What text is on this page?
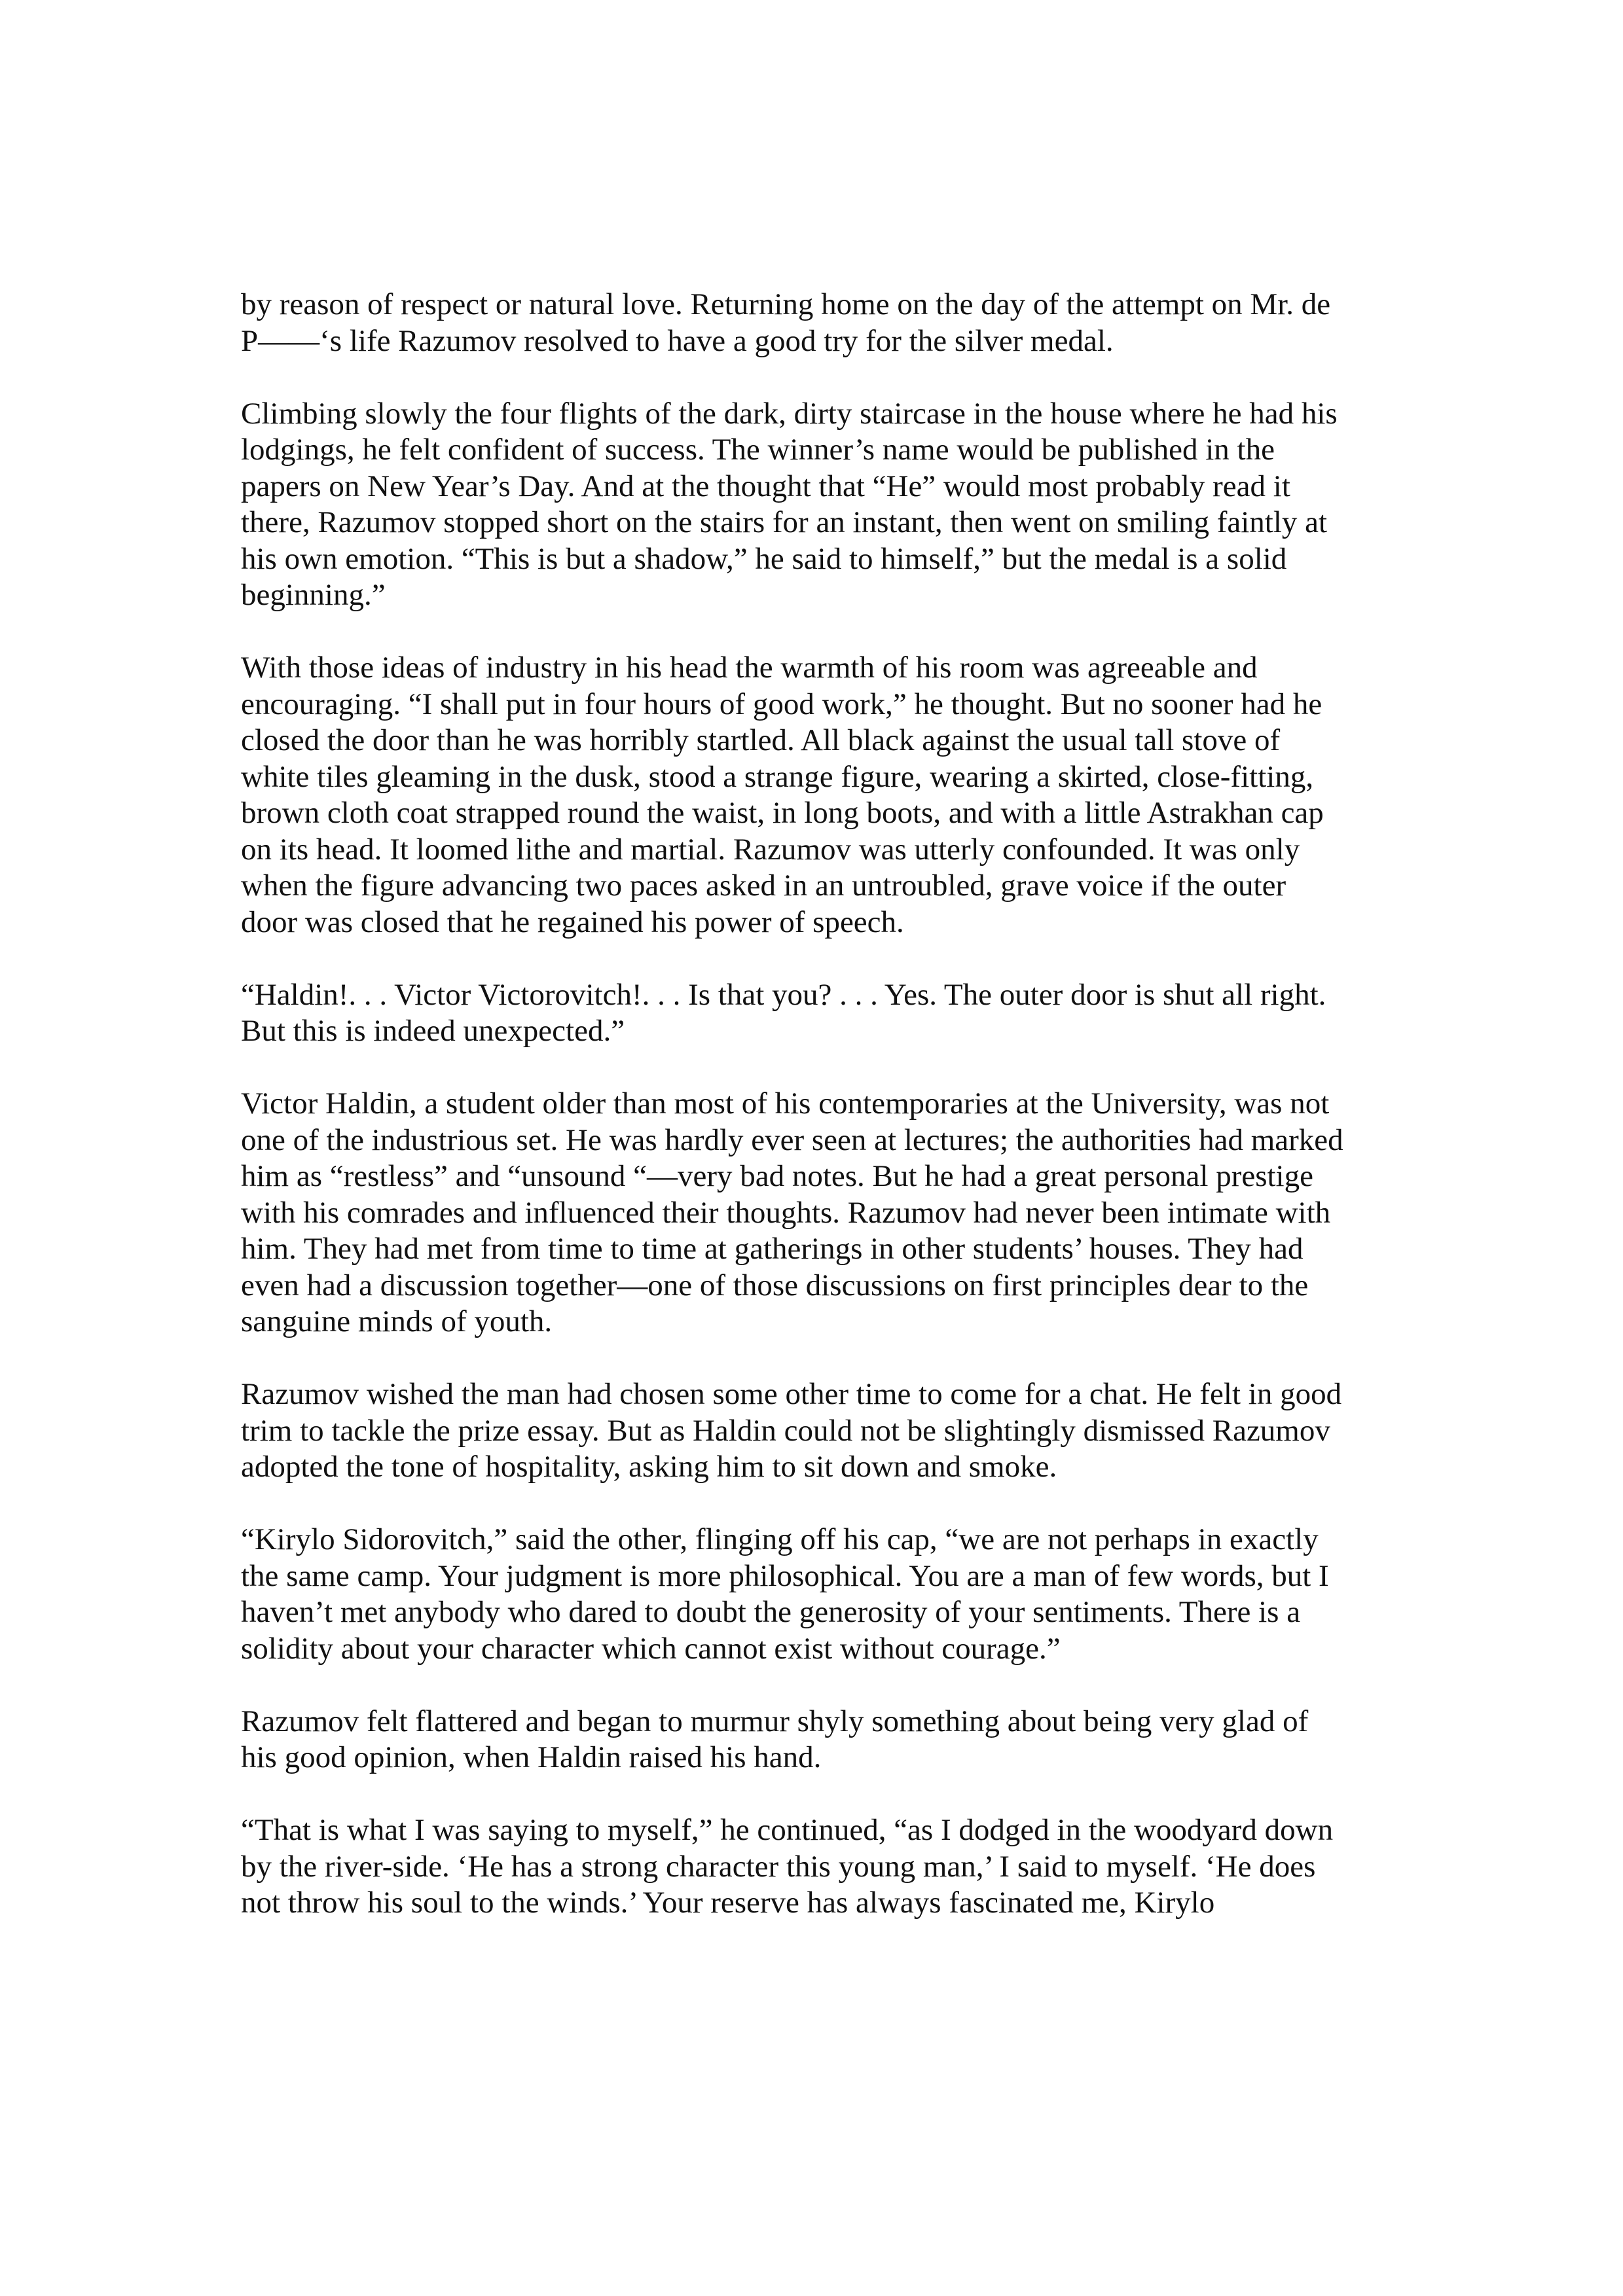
by reason of respect or natural love. Returning home on the day of the attempt on Mr. de
P——‘s life Razumov resolved to have a good try for the silver medal.

Climbing slowly the four flights of the dark, dirty staircase in the house where he had his
lodgings, he felt confident of success. The winner’s name would be published in the
papers on New Year’s Day. And at the thought that “He” would most probably read it
there, Razumov stopped short on the stairs for an instant, then went on smiling faintly at
his own emotion. “This is but a shadow,” he said to himself,” but the medal is a solid
beginning.”

With those ideas of industry in his head the warmth of his room was agreeable and
encouraging. “I shall put in four hours of good work,” he thought. But no sooner had he
closed the door than he was horribly startled. All black against the usual tall stove of
white tiles gleaming in the dusk, stood a strange figure, wearing a skirted, close-fitting,
brown cloth coat strapped round the waist, in long boots, and with a little Astrakhan cap
on its head. It loomed lithe and martial. Razumov was utterly confounded. It was only
when the figure advancing two paces asked in an untroubled, grave voice if the outer
door was closed that he regained his power of speech.

“Haldin!. . . Victor Victorovitch!. . . Is that you? . . . Yes. The outer door is shut all right.
But this is indeed unexpected.”

Victor Haldin, a student older than most of his contemporaries at the University, was not
one of the industrious set. He was hardly ever seen at lectures; the authorities had marked
him as “restless” and “unsound “—very bad notes. But he had a great personal prestige
with his comrades and influenced their thoughts. Razumov had never been intimate with
him. They had met from time to time at gatherings in other students’ houses. They had
even had a discussion together—one of those discussions on first principles dear to the
sanguine minds of youth.

Razumov wished the man had chosen some other time to come for a chat. He felt in good
trim to tackle the prize essay. But as Haldin could not be slightingly dismissed Razumov
adopted the tone of hospitality, asking him to sit down and smoke.

“Kirylo Sidorovitch,” said the other, flinging off his cap, “we are not perhaps in exactly
the same camp. Your judgment is more philosophical. You are a man of few words, but I
haven’t met anybody who dared to doubt the generosity of your sentiments. There is a
solidity about your character which cannot exist without courage.”

Razumov felt flattered and began to murmur shyly something about being very glad of
his good opinion, when Haldin raised his hand.

“That is what I was saying to myself,” he continued, “as I dodged in the woodyard down
by the river-side. ‘He has a strong character this young man,’ I said to myself. ‘He does
not throw his soul to the winds.’ Your reserve has always fascinated me, Kirylo
